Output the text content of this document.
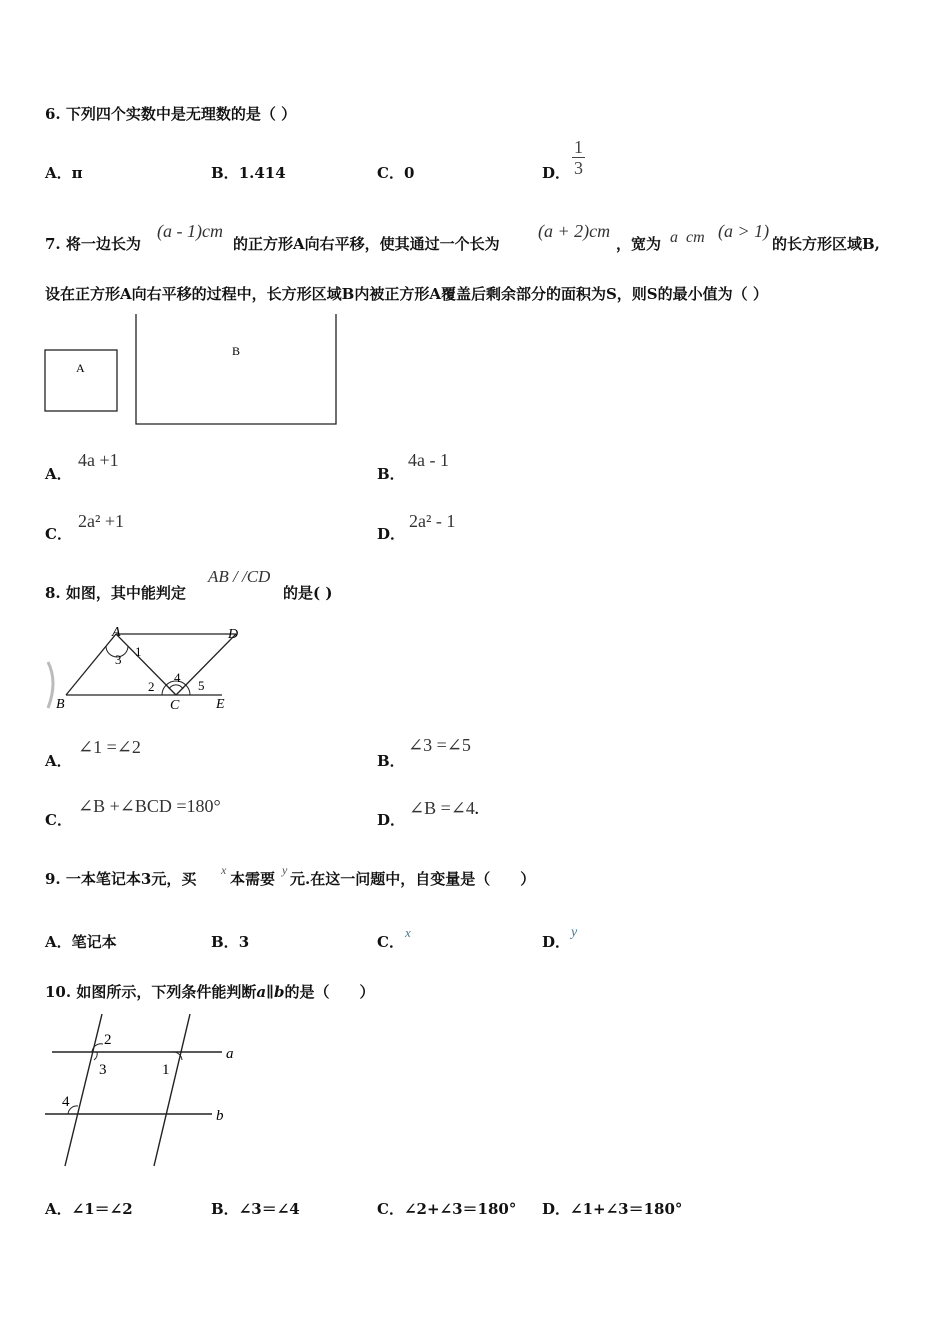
6. 下列四个实数中是无理数的是（ ）
A．π	B．1.414	C．0	D． $\frac{1}{3}$
7. 将一边长为
(a - 1)cm
的正方形A向右平移，使其通过一个长为
(a + 2)cm
，宽为 a  cm (a > 1)
的长方形区域B,
设在正方形A向右平移的过程中，长方形区域B内被正方形A覆盖后剩余部分的面积为S，则S的最小值为（ ）
A
B
A．
4a +1
B．
4a - 1
C．
2a² +1
D．
2a² - 1
8. 如图，其中能判定
AB / /CD
的是( )
A	D
B	C	E
1
2
3
4
5
A．
∠1 =∠2
B．
∠3 =∠5
C．
∠B +∠BCD =180°
D．
∠B =∠4.
9. 一本笔记本3元，买 x 本需要 y 元.在这一问题中，自变量是（　　）
A．笔记本	B．3	C．
x
D．
y
10. 如图所示，下列条件能判断a∥b的是（　　）
a
b
2
3	1
4
A．∠1＝∠2	B．∠3＝∠4	C．∠2+∠3＝180° D．∠1+∠3＝180°
